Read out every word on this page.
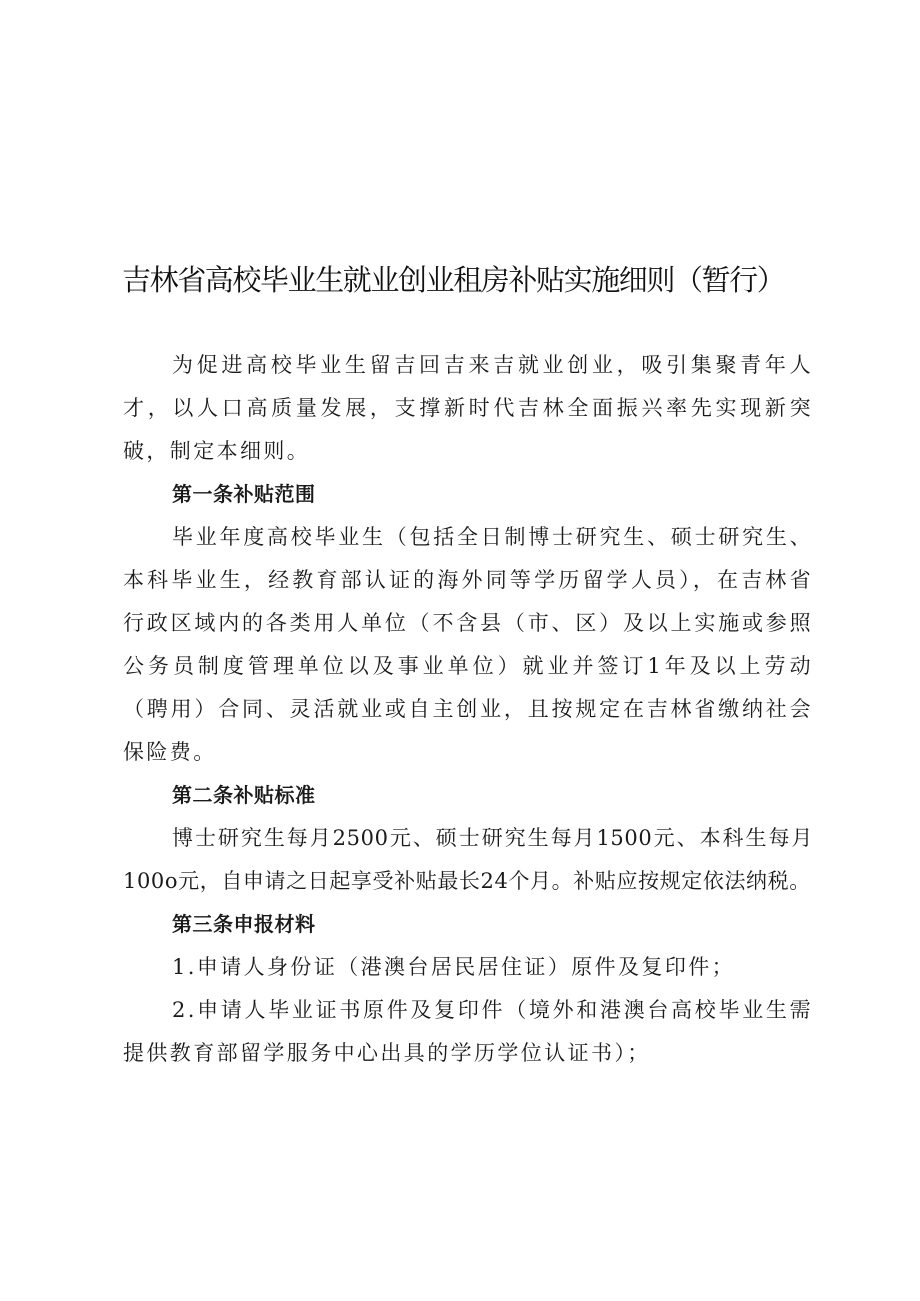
吉林省高校毕业生就业创业租房补贴实施细则（暂行）

为促进高校毕业生留吉回吉来吉就业创业，吸引集聚青年人才，以人口高质量发展，支撑新时代吉林全面振兴率先实现新突破，制定本细则。

第一条补贴范围

毕业年度高校毕业生（包括全日制博士研究生、硕士研究生、本科毕业生，经教育部认证的海外同等学历留学人员），在吉林省行政区域内的各类用人单位（不含县（市、区）及以上实施或参照公务员制度管理单位以及事业单位）就业并签订1年及以上劳动（聘用）合同、灵活就业或自主创业，且按规定在吉林省缴纳社会保险费。

第二条补贴标准

博士研究生每月2500元、硕士研究生每月1500元、本科生每月100o元，自申请之日起享受补贴最长24个月。补贴应按规定依法纳税。

第三条申报材料

1.申请人身份证（港澳台居民居住证）原件及复印件；

2.申请人毕业证书原件及复印件（境外和港澳台高校毕业生需提供教育部留学服务中心出具的学历学位认证书）；
